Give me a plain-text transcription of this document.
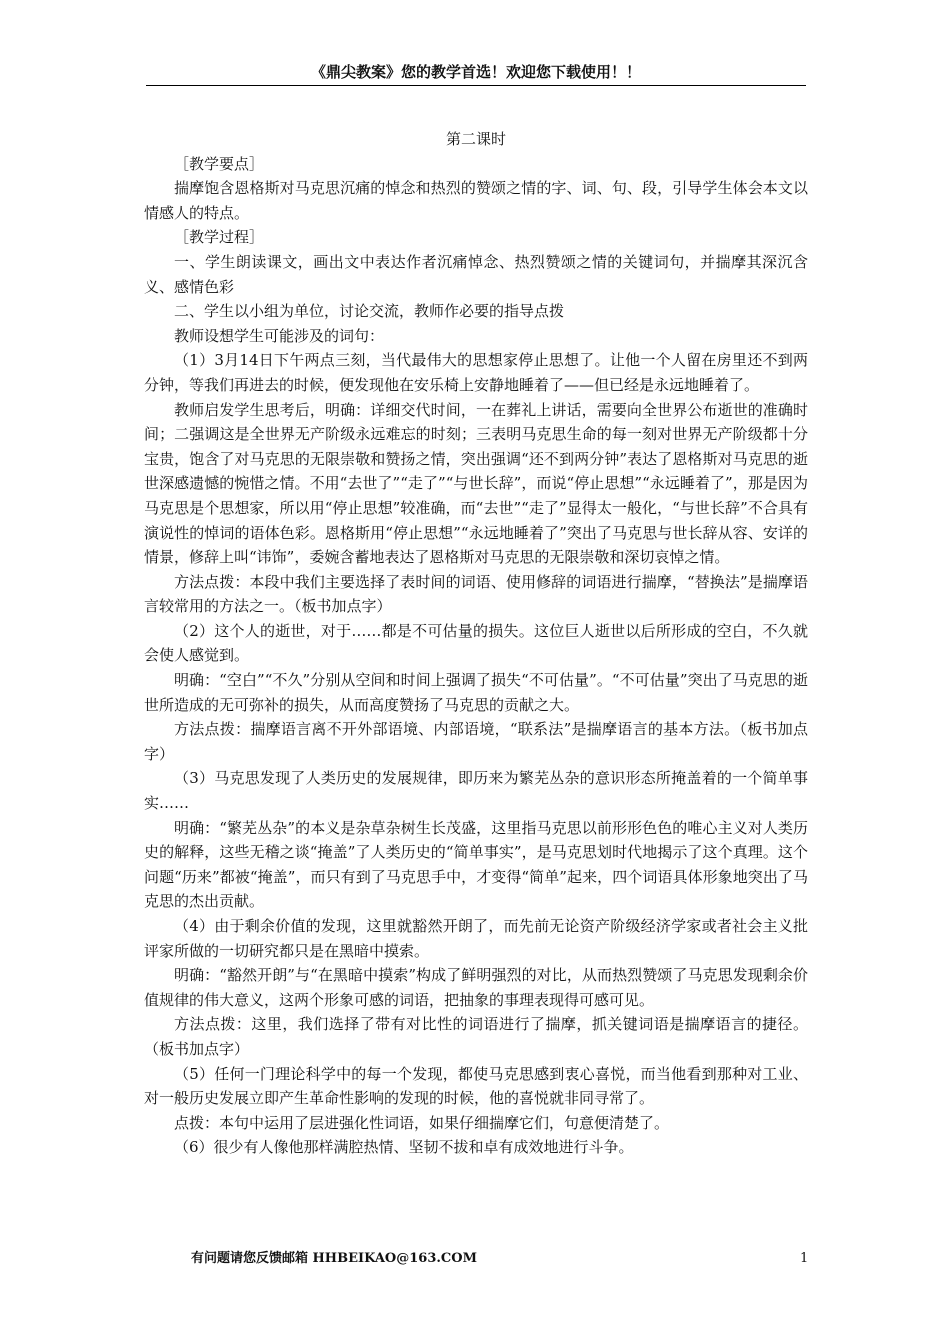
《鼎尖教案》您的教学首选！欢迎您下载使用！！

第二课时

［教学要点］

揣摩饱含恩格斯对马克思沉痛的悼念和热烈的赞颂之情的字、词、句、段，引导学生体会本文以情感人的特点。

［教学过程］

一、学生朗读课文，画出文中表达作者沉痛悼念、热烈赞颂之情的关键词句，并揣摩其深沉含义、感情色彩

二、学生以小组为单位，讨论交流，教师作必要的指导点拨

教师设想学生可能涉及的词句：

（1）3月14日下午两点三刻，当代最伟大的思想家停止思想了。让他一个人留在房里还不到两分钟，等我们再进去的时候，便发现他在安乐椅上安静地睡着了——但已经是永远地睡着了。

教师启发学生思考后，明确：详细交代时间，一在葬礼上讲话，需要向全世界公布逝世的准确时间；二强调这是全世界无产阶级永远难忘的时刻；三表明马克思生命的每一刻对世界无产阶级都十分宝贵，饱含了对马克思的无限崇敬和赞扬之情，突出强调“还不到两分钟”表达了恩格斯对马克思的逝世深感遗憾的惋惜之情。不用“去世了”“走了”“与世长辞”，而说“停止思想”“永远睡着了”，那是因为马克思是个思想家，所以用“停止思想”较准确，而“去世”“走了”显得太一般化，“与世长辞”不合具有演说性的悼词的语体色彩。恩格斯用“停止思想”“永远地睡着了”突出了马克思与世长辞从容、安详的情景，修辞上叫“讳饰”，委婉含蓄地表达了恩格斯对马克思的无限崇敬和深切哀悼之情。

方法点拨：本段中我们主要选择了表时间的词语、使用修辞的词语进行揣摩，“替换法”是揣摩语言较常用的方法之一。（板书加点字）

（2）这个人的逝世，对于……都是不可估量的损失。这位巨人逝世以后所形成的空白，不久就会使人感觉到。

明确：“空白”“不久”分别从空间和时间上强调了损失“不可估量”。“不可估量”突出了马克思的逝世所造成的无可弥补的损失，从而高度赞扬了马克思的贡献之大。

方法点拨：揣摩语言离不开外部语境、内部语境，“联系法”是揣摩语言的基本方法。（板书加点字）

（3）马克思发现了人类历史的发展规律，即历来为繁芜丛杂的意识形态所掩盖着的一个简单事实……

明确：“繁芜丛杂”的本义是杂草杂树生长茂盛，这里指马克思以前形形色色的唯心主义对人类历史的解释，这些无稽之谈“掩盖”了人类历史的“简单事实”，是马克思划时代地揭示了这个真理。这个问题“历来”都被“掩盖”，而只有到了马克思手中，才变得“简单”起来，四个词语具体形象地突出了马克思的杰出贡献。

（4）由于剩余价值的发现，这里就豁然开朗了，而先前无论资产阶级经济学家或者社会主义批评家所做的一切研究都只是在黑暗中摸索。

明确：“豁然开朗”与“在黑暗中摸索”构成了鲜明强烈的对比，从而热烈赞颂了马克思发现剩余价值规律的伟大意义，这两个形象可感的词语，把抽象的事理表现得可感可见。

方法点拨：这里，我们选择了带有对比性的词语进行了揣摩，抓关键词语是揣摩语言的捷径。（板书加点字）

（5）任何一门理论科学中的每一个发现，都使马克思感到衷心喜悦，而当他看到那种对工业、对一般历史发展立即产生革命性影响的发现的时候，他的喜悦就非同寻常了。

点拨：本句中运用了层进强化性词语，如果仔细揣摩它们，句意便清楚了。

（6）很少有人像他那样满腔热情、坚韧不拔和卓有成效地进行斗争。

有问题请您反馈邮箱 HHBEIKAO@163.COM	1
